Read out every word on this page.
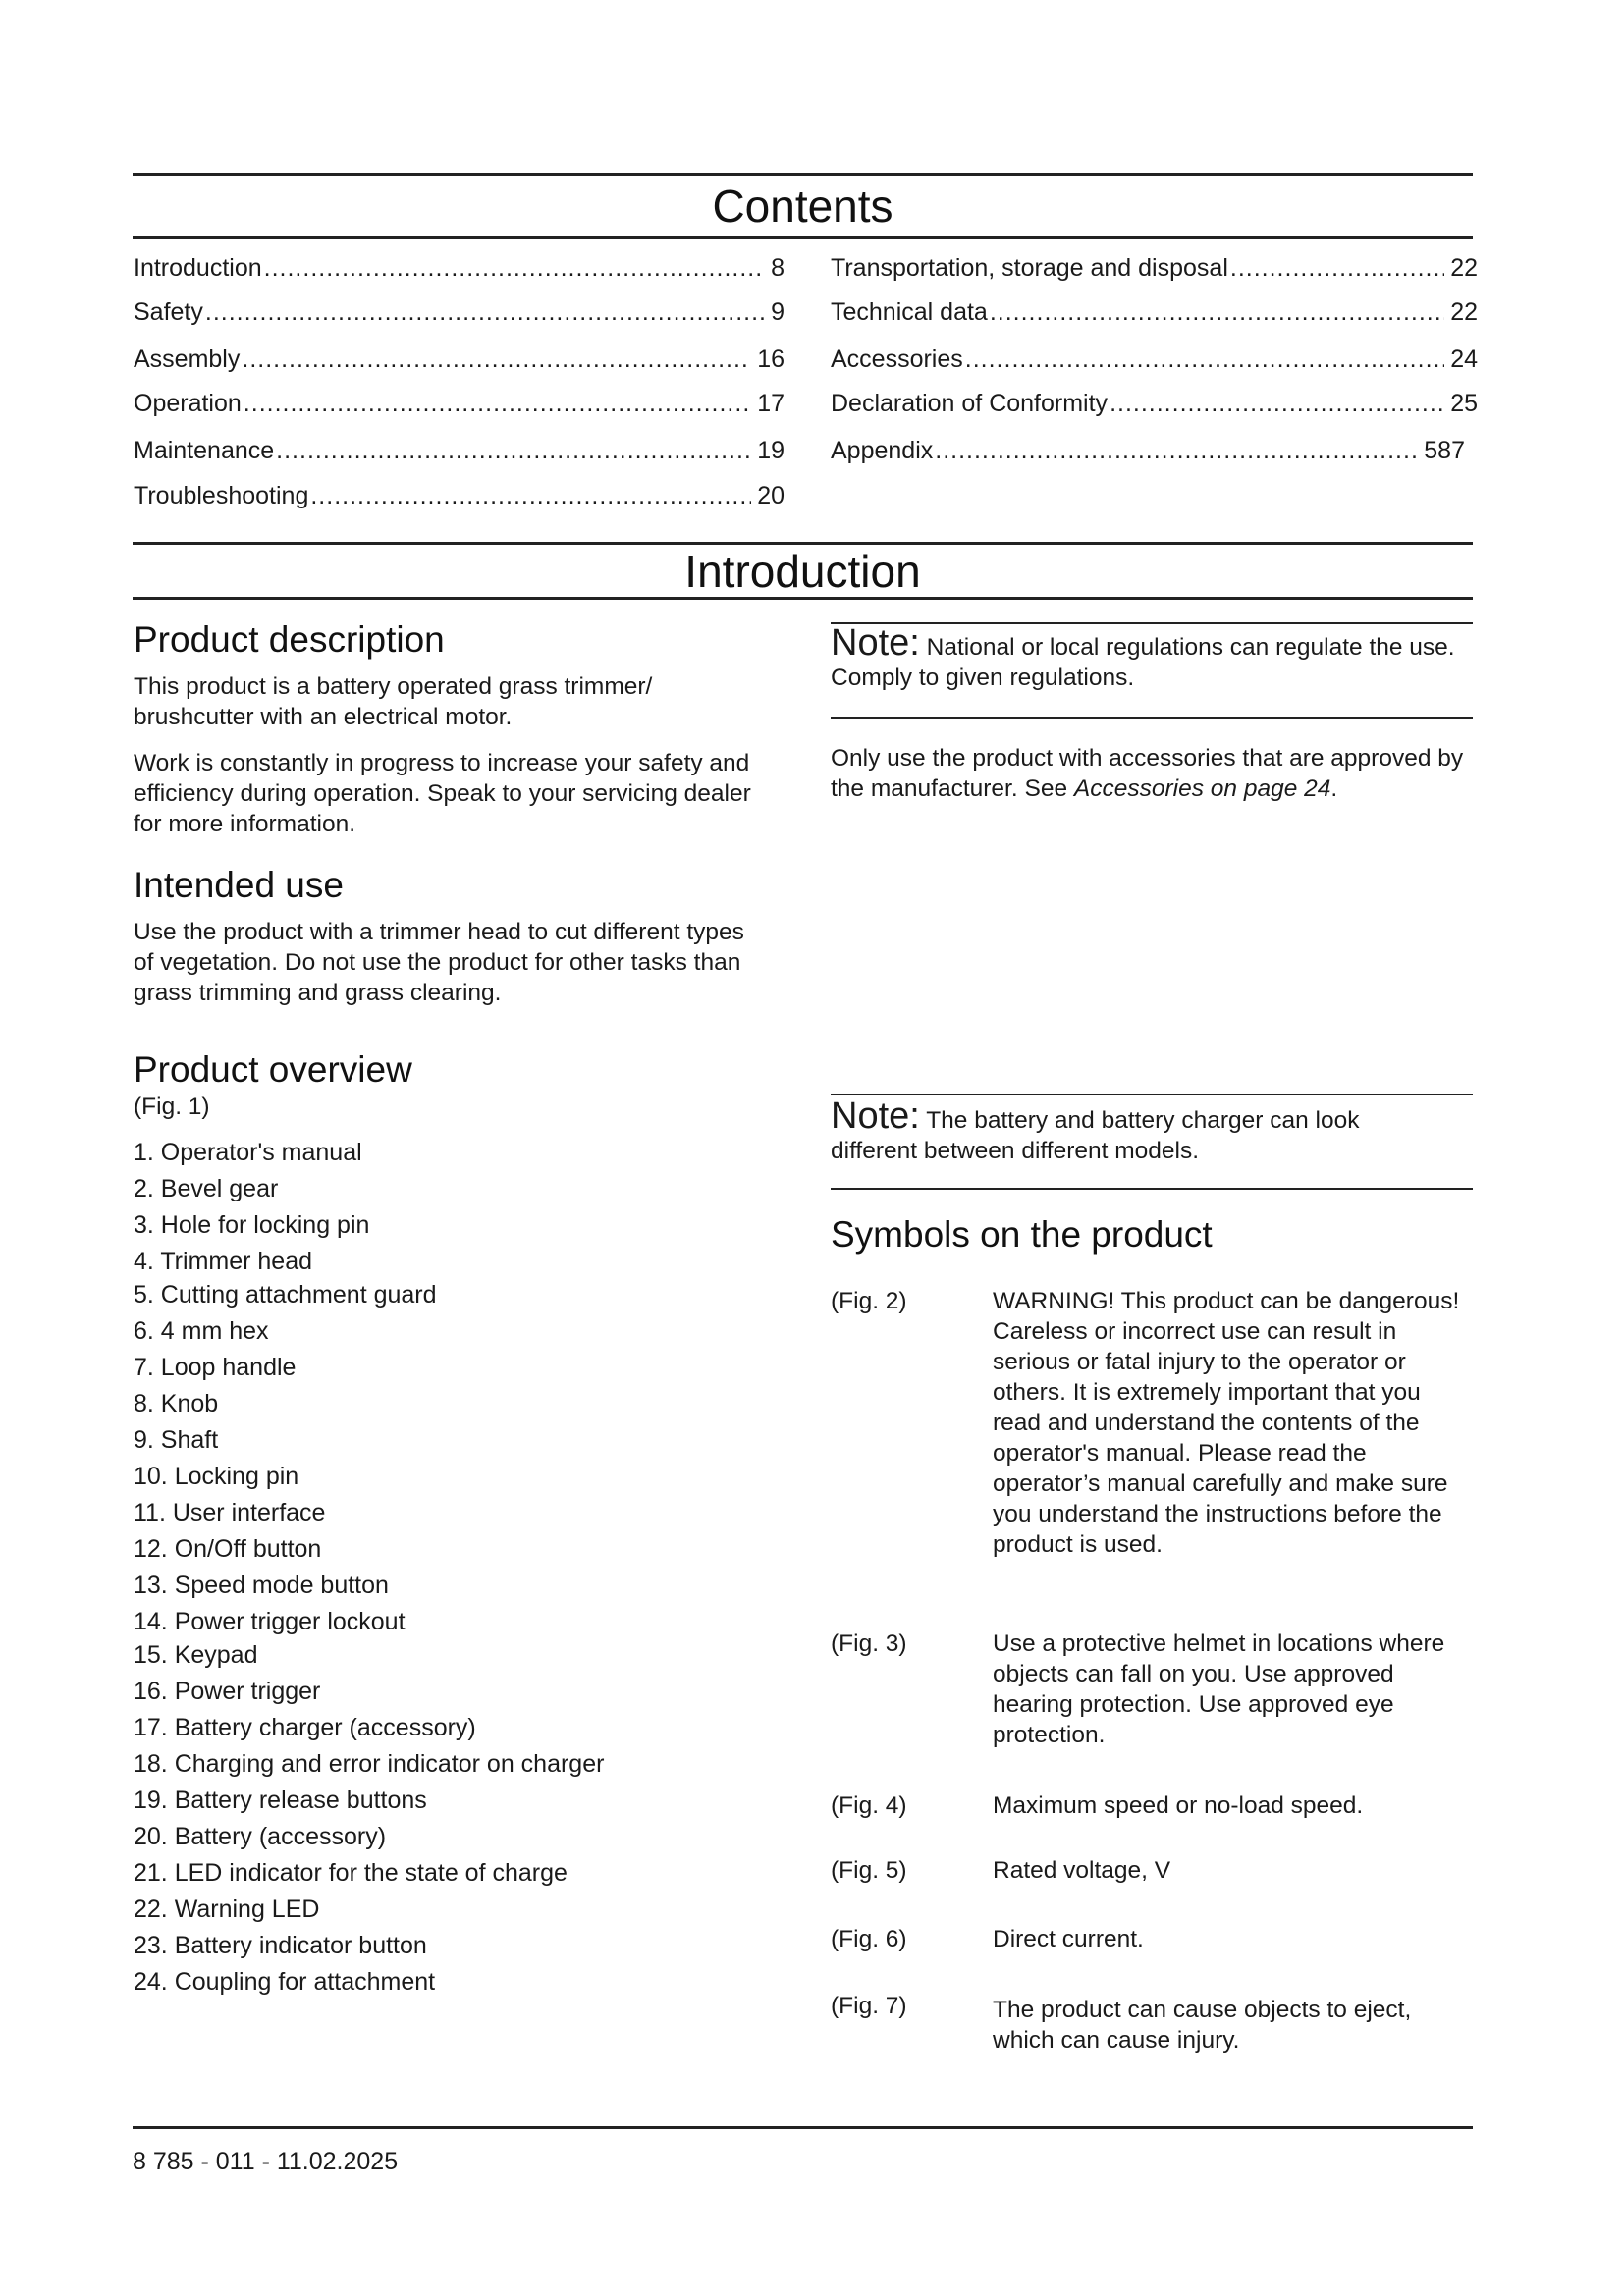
Contents
Introduction .....	8
Safety .....	9
Assembly .....	16
Operation .....	17
Maintenance .....	19
Troubleshooting .....	20
Transportation, storage and disposal .....	22
Technical data .....	22
Accessories .....	24
Declaration of Conformity .....	25
Appendix .....	587
Introduction
Product description

This product is a battery operated grass trimmer/ brushcutter with an electrical motor.

Work is constantly in progress to increase your safety and efficiency during operation. Speak to your servicing dealer for more information.

Intended use

Use the product with a trimmer head to cut different types of vegetation. Do not use the product for other tasks than grass trimming and grass clearing.

Product overview
(Fig. 1)
1. Operator's manual
2. Bevel gear
3. Hole for locking pin
4. Trimmer head
5. Cutting attachment guard
6. 4 mm hex
7. Loop handle
8. Knob
9. Shaft
10. Locking pin
11. User interface
12. On/Off button
13. Speed mode button
14. Power trigger lockout
15. Keypad
16. Power trigger
17. Battery charger (accessory)
18. Charging and error indicator on charger
19. Battery release buttons
20. Battery (accessory)
21. LED indicator for the state of charge
22. Warning LED
23. Battery indicator button
24. Coupling for attachment
Note: National or local regulations can regulate the use. Comply to given regulations.

Only use the product with accessories that are approved by the manufacturer. See Accessories on page 24.

Note: The battery and battery charger can look different between different models.
Symbols on the product
(Fig. 2)	WARNING! This product can be dangerous! Careless or incorrect use can result in serious or fatal injury to the operator or others. It is extremely important that you read and understand the contents of the operator's manual. Please read the operator’s manual carefully and make sure you understand the instructions before the product is used.
(Fig. 3)	Use a protective helmet in locations where objects can fall on you. Use approved hearing protection. Use approved eye protection.
(Fig. 4)	Maximum speed or no-load speed.
(Fig. 5)	Rated voltage, V
(Fig. 6)	Direct current.
(Fig. 7)	The product can cause objects to eject, which can cause injury.
8 785 - 011 - 11.02.2025
